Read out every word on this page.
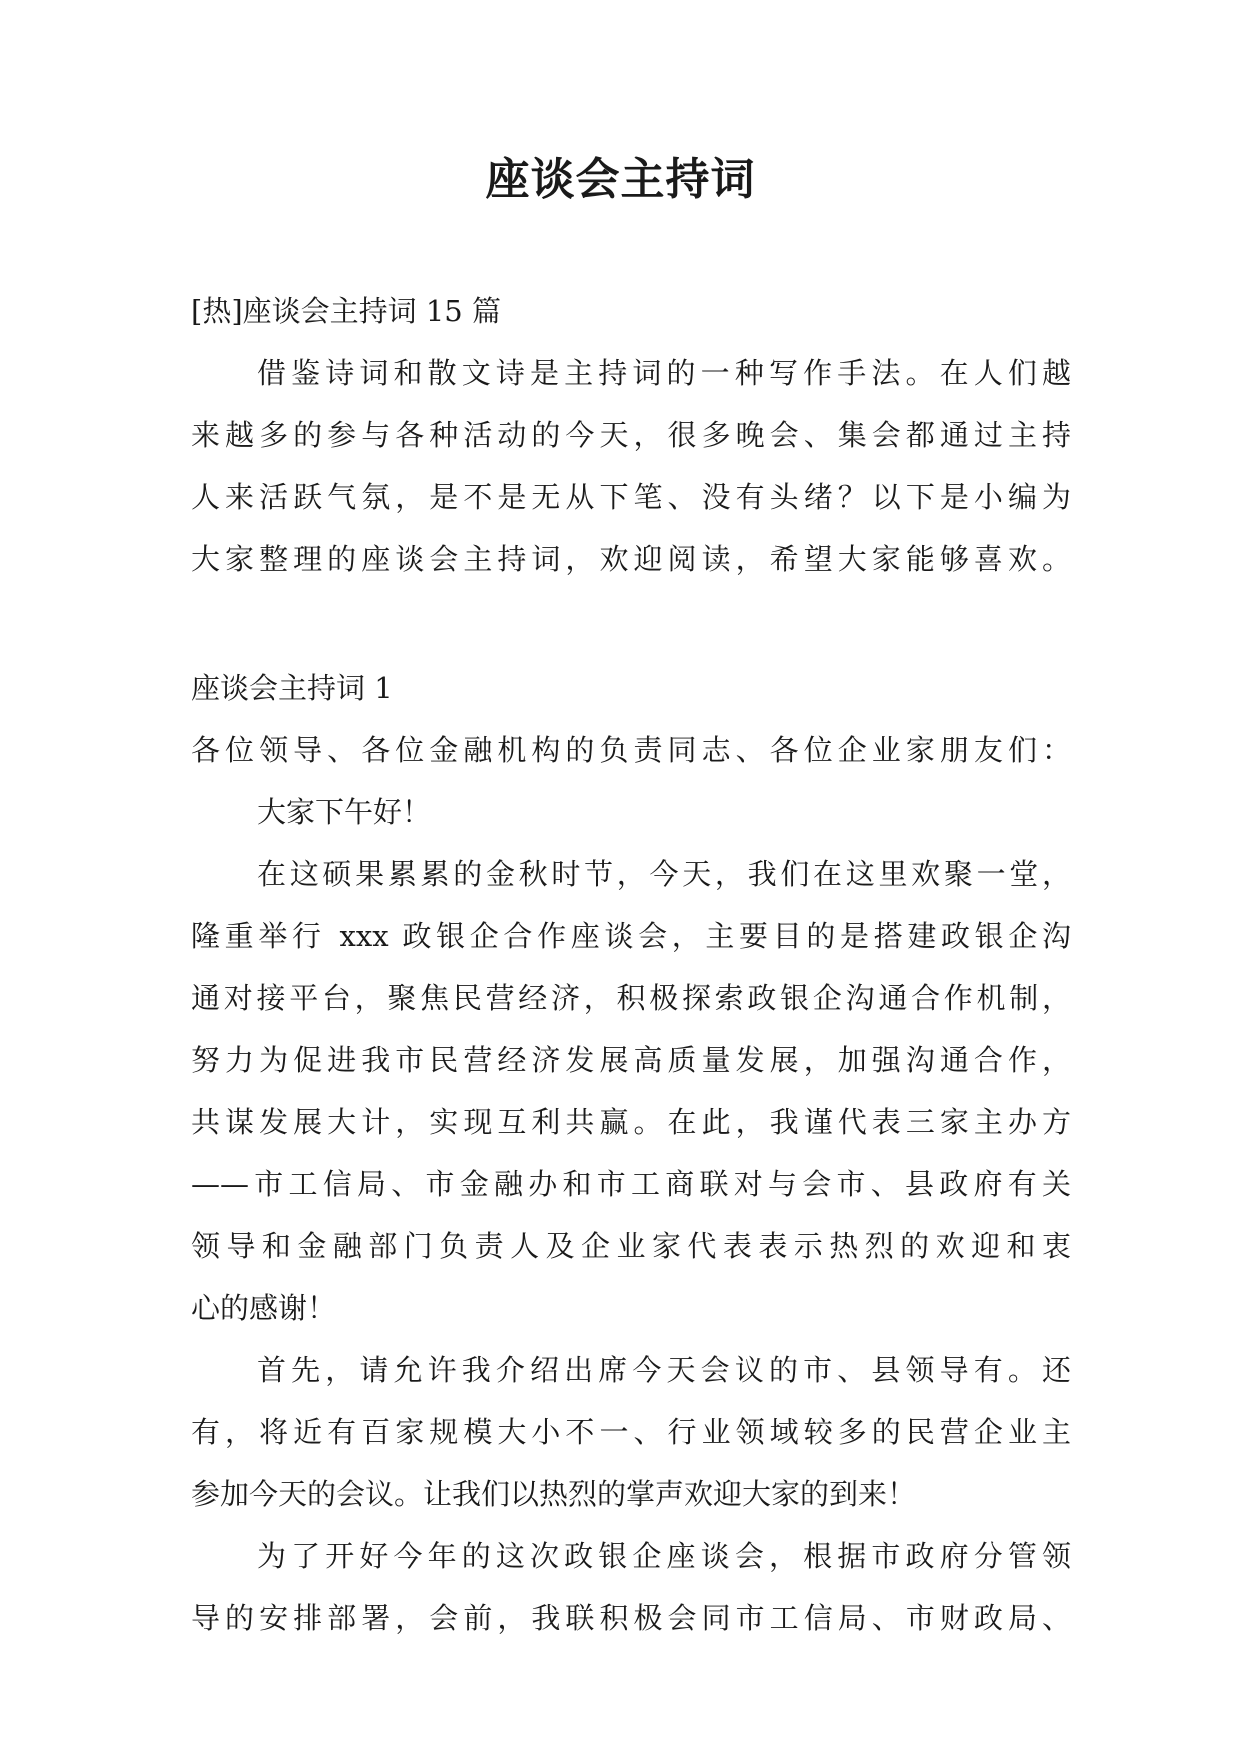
座谈会主持词
[热]座谈会主持词 15 篇
借鉴诗词和散文诗是主持词的一种写作手法。在人们越
来越多的参与各种活动的今天，很多晚会、集会都通过主持
人来活跃气氛，是不是无从下笔、没有头绪？以下是小编为
大家整理的座谈会主持词，欢迎阅读，希望大家能够喜欢。
座谈会主持词 1
各位领导、各位金融机构的负责同志、各位企业家朋友们：
大家下午好！
在这硕果累累的金秋时节，今天，我们在这里欢聚一堂，
隆重举行 xxx 政银企合作座谈会，主要目的是搭建政银企沟
通对接平台，聚焦民营经济，积极探索政银企沟通合作机制，
努力为促进我市民营经济发展高质量发展，加强沟通合作，
共谋发展大计，实现互利共赢。在此，我谨代表三家主办方
——市工信局、市金融办和市工商联对与会市、县政府有关
领导和金融部门负责人及企业家代表表示热烈的欢迎和衷
心的感谢！
首先，请允许我介绍出席今天会议的市、县领导有。还
有，将近有百家规模大小不一、行业领域较多的民营企业主
参加今天的会议。让我们以热烈的掌声欢迎大家的到来！
为了开好今年的这次政银企座谈会，根据市政府分管领
导的安排部署，会前，我联积极会同市工信局、市财政局、
